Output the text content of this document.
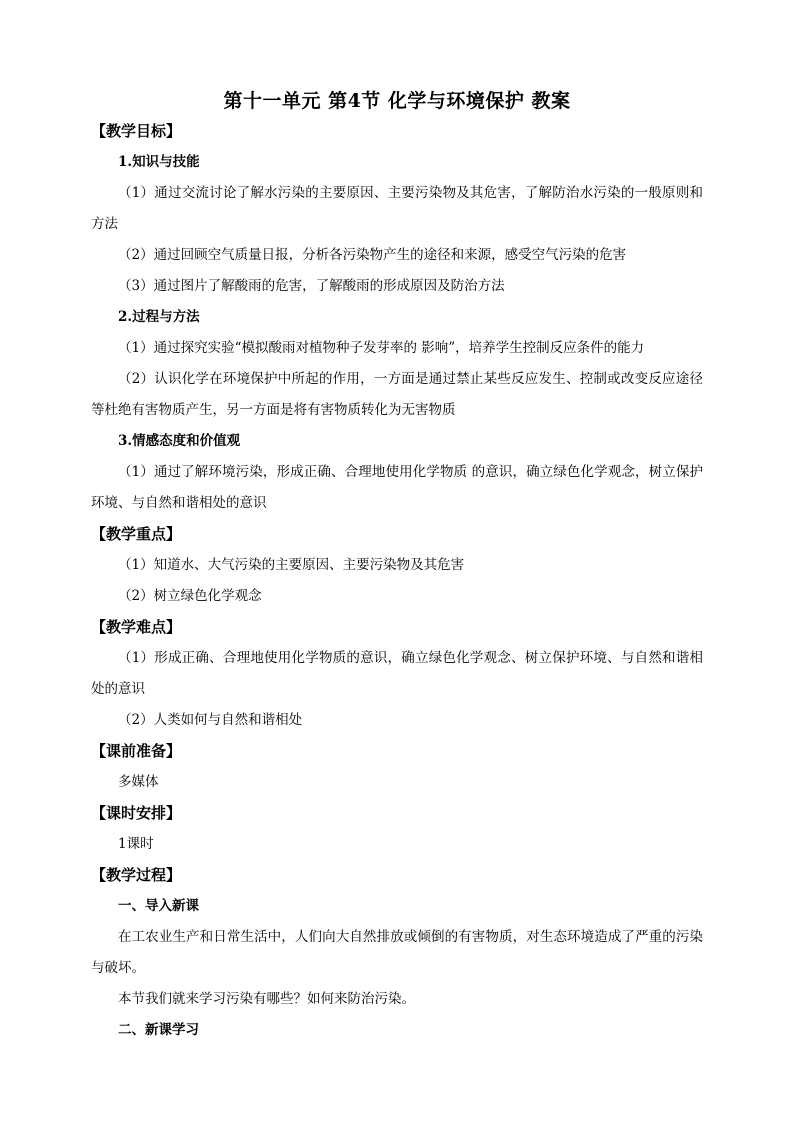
第十一单元 第4节 化学与环境保护 教案
【教学目标】
1.知识与技能
（1）通过交流讨论了解水污染的主要原因、主要污染物及其危害，了解防治水污染的一般原则和方法
（2）通过回顾空气质量日报，分析各污染物产生的途径和来源，感受空气污染的危害
（3）通过图片了解酸雨的危害，了解酸雨的形成原因及防治方法
2.过程与方法
（1）通过探究实验“模拟酸雨对植物种子发芽率的 影响”，培养学生控制反应条件的能力
（2）认识化学在环境保护中所起的作用，一方面是通过禁止某些反应发生、控制或改变反应途径等杜绝有害物质产生，另一方面是将有害物质转化为无害物质
3.情感态度和价值观
（1）通过了解环境污染，形成正确、合理地使用化学物质 的意识，确立绿色化学观念，树立保护环境、与自然和谐相处的意识
【教学重点】
（1）知道水、大气污染的主要原因、主要污染物及其危害
（2）树立绿色化学观念
【教学难点】
（1）形成正确、合理地使用化学物质的意识，确立绿色化学观念、树立保护环境、与自然和谐相处的意识
（2）人类如何与自然和谐相处
【课前准备】
多媒体
【课时安排】
1课时
【教学过程】
一、导入新课
在工农业生产和日常生活中，人们向大自然排放或倾倒的有害物质，对生态环境造成了严重的污染与破坏。
本节我们就来学习污染有哪些？如何来防治污染。
二、新课学习
